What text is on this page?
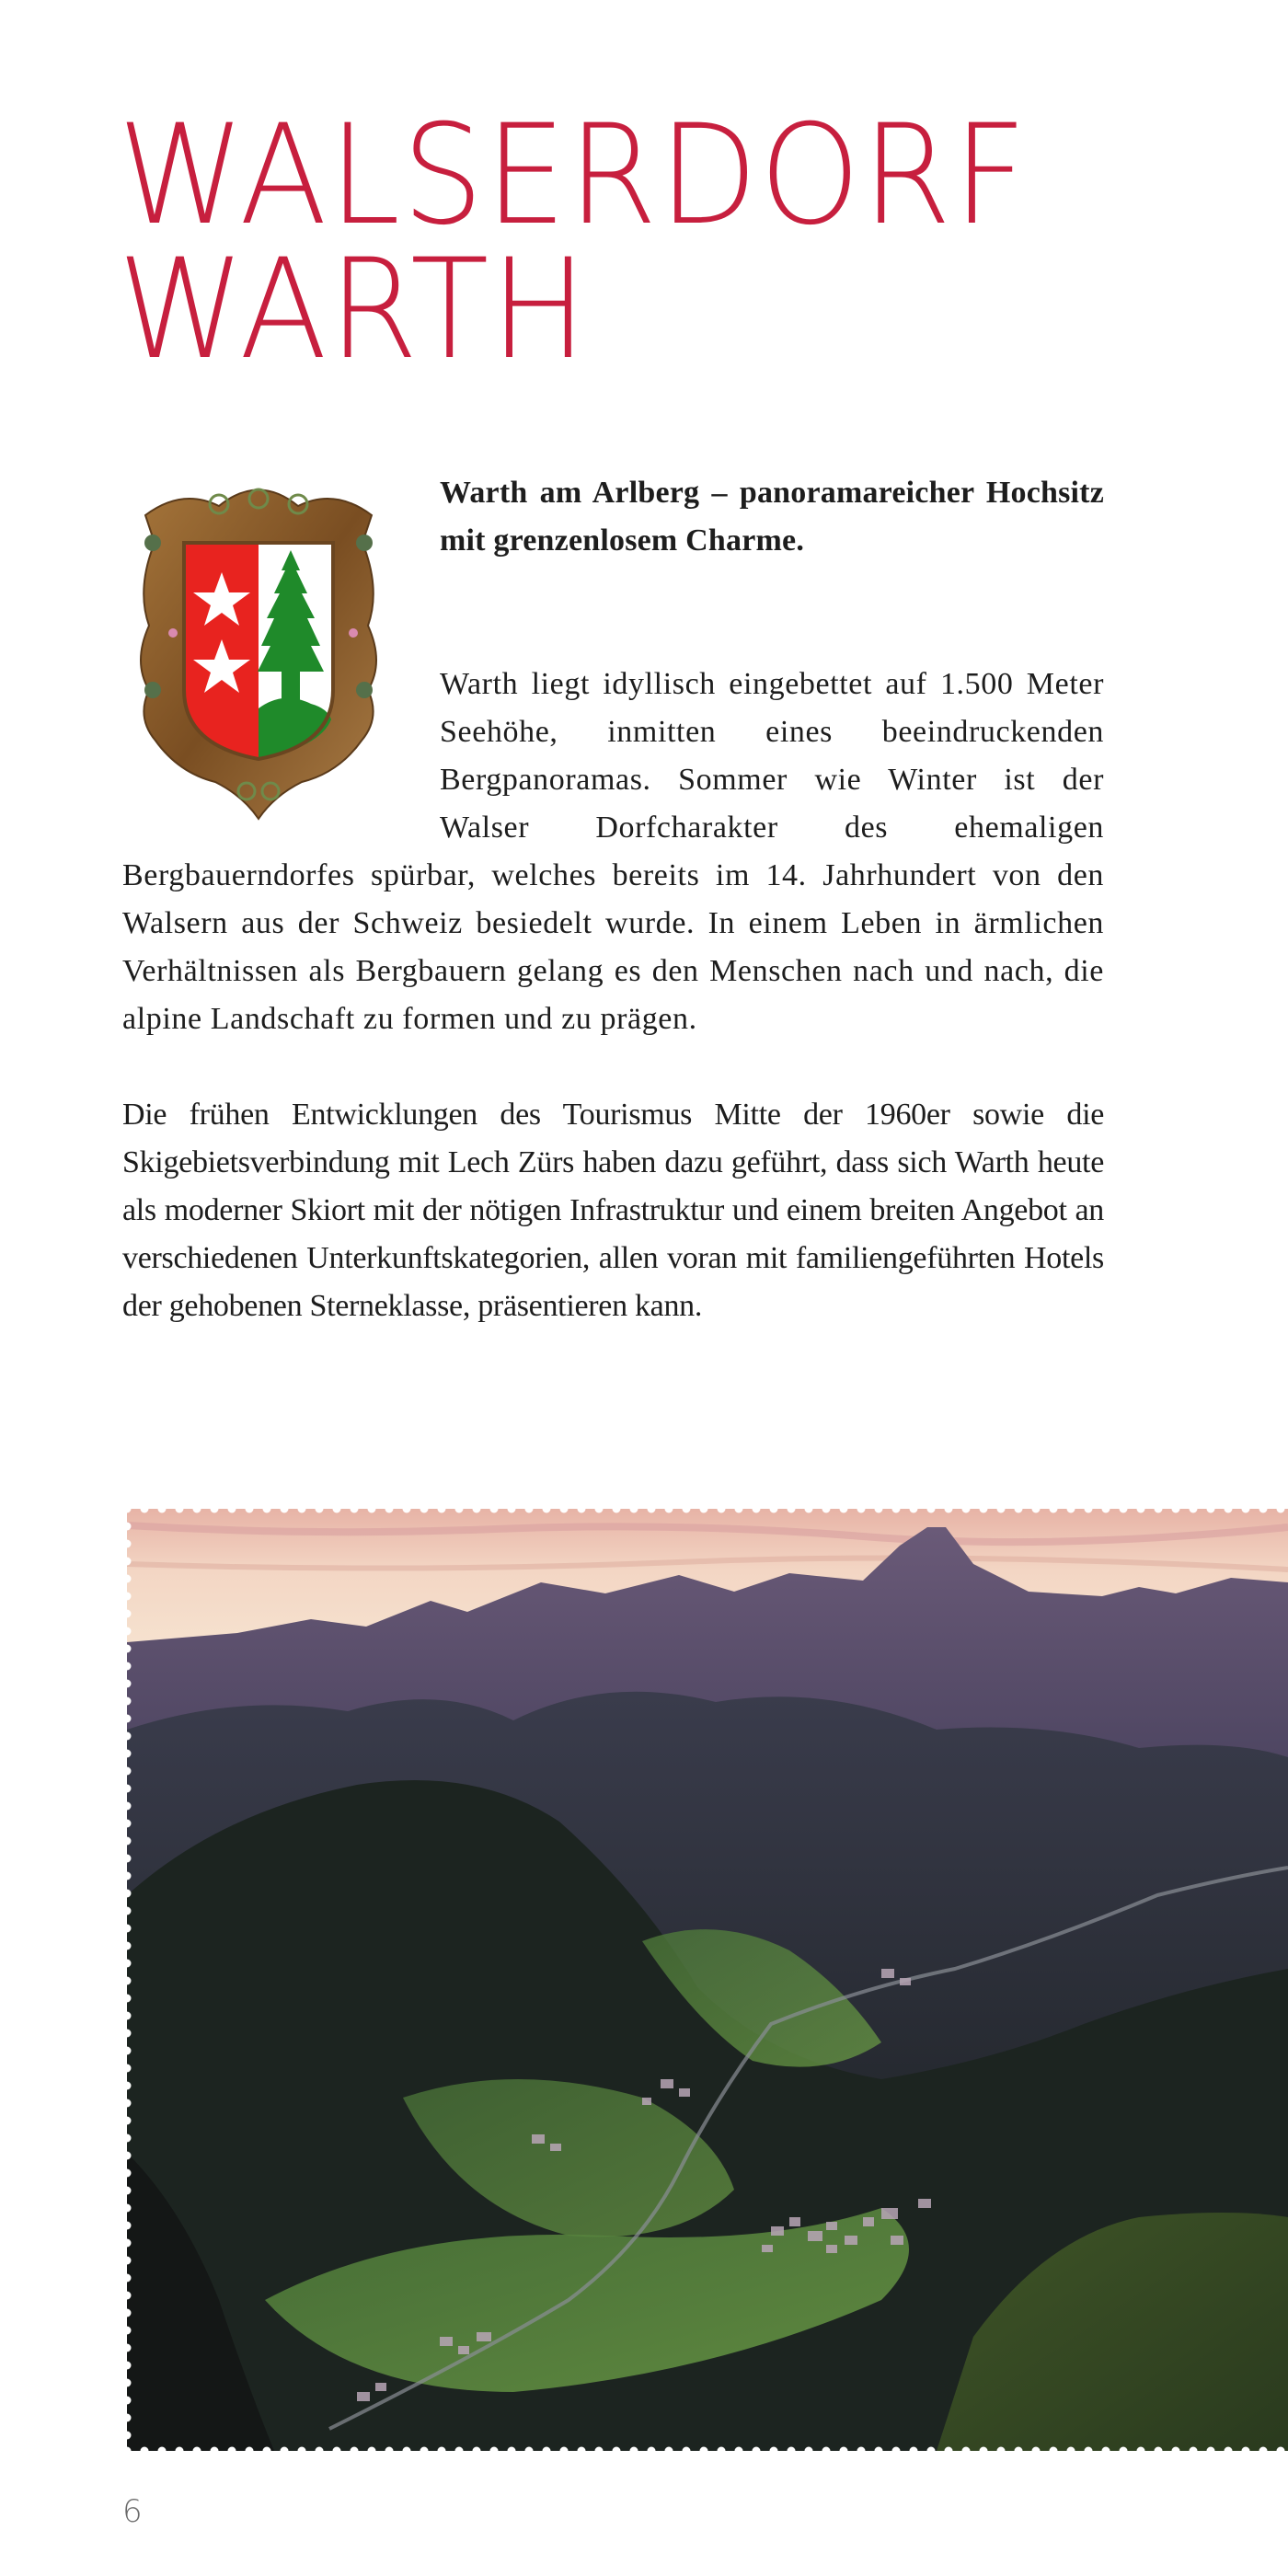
WALSERDORF
WARTH

Warth am Arlberg – panoramareicher Hochsitz mit grenzenlosem Charme.

Warth liegt idyllisch eingebettet auf 1.500 Meter Seehöhe, inmitten eines beeindruckenden Bergpanoramas. Sommer wie Winter ist der Walser Dorfcharakter des ehemaligen Bergbauerndorfes spürbar, welches bereits im 14. Jahrhundert von den Walsern aus der Schweiz besiedelt wurde. In einem Leben in ärmlichen Verhältnissen als Bergbauern gelang es den Menschen nach und nach, die alpine Landschaft zu formen und zu prägen.

Die frühen Entwicklungen des Tourismus Mitte der 1960er sowie die Skigebietsverbindung mit Lech Zürs haben dazu geführt, dass sich Warth heute als moderner Skiort mit der nötigen Infrastruktur und einem breiten Angebot an verschiedenen Unterkunftskategorien, allen voran mit familiengeführten Hotels der gehobenen Sterneklasse, präsentieren kann.

6
